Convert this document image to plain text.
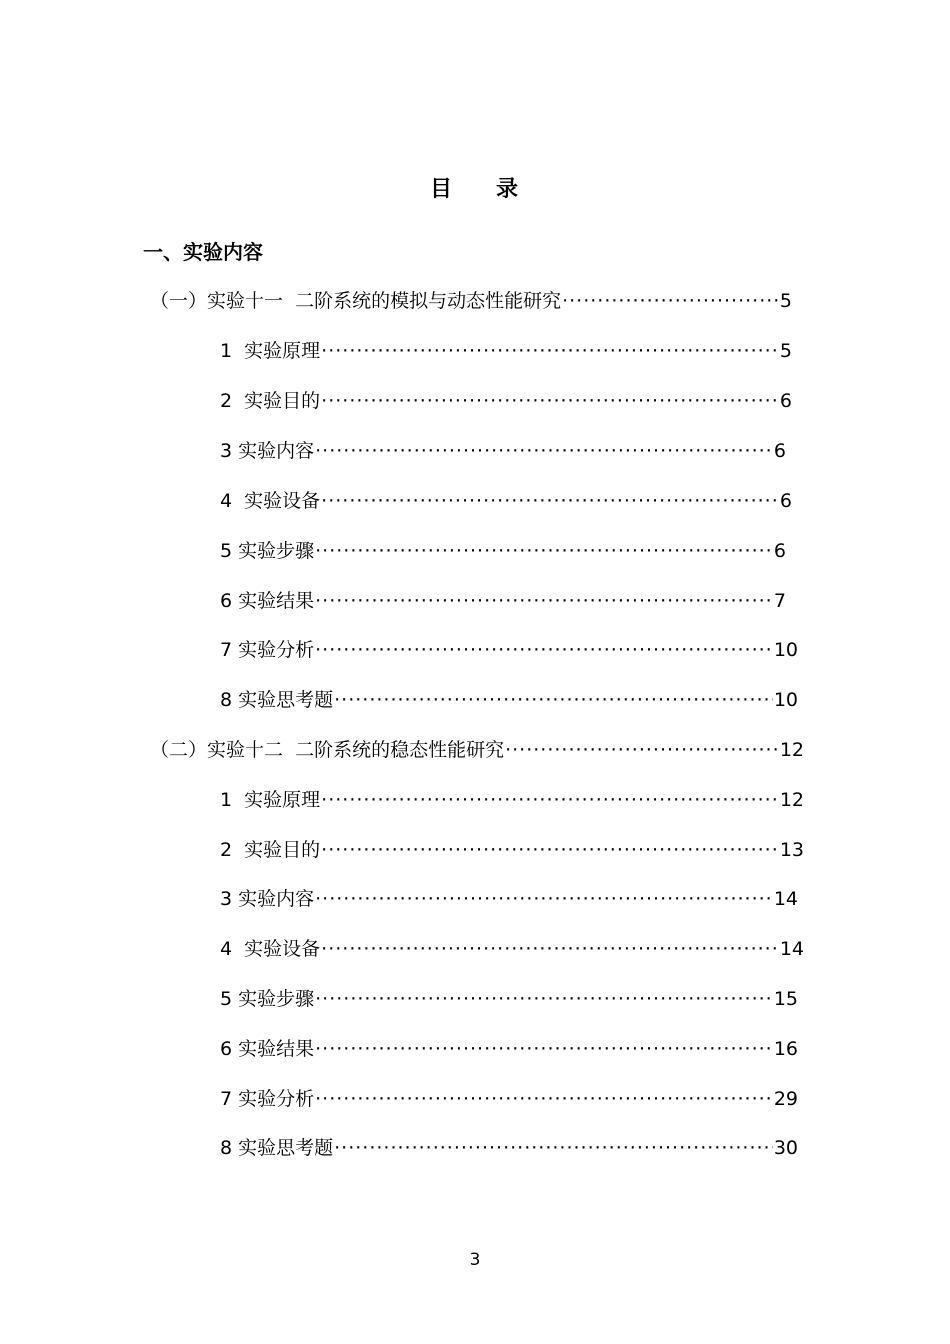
目 录
一、实验内容
（一）实验十一  二阶系统的模拟与动态性能研究 ·····	5
1  实验原理 ·····	5
2  实验目的 ·····	6
3 实验内容 ·····	6
4  实验设备 ·····	6
5 实验步骤 ·····	6
6 实验结果 ·····	7
7 实验分析 ·····	10
8 实验思考题 ·····	10
（二）实验十二  二阶系统的稳态性能研究 ·····	12
1  实验原理 ·····	12
2  实验目的 ·····	13
3 实验内容 ·····	14
4  实验设备 ·····	14
5 实验步骤 ·····	15
6 实验结果 ·····	16
7 实验分析 ·····	29
8 实验思考题 ·····	30
3
